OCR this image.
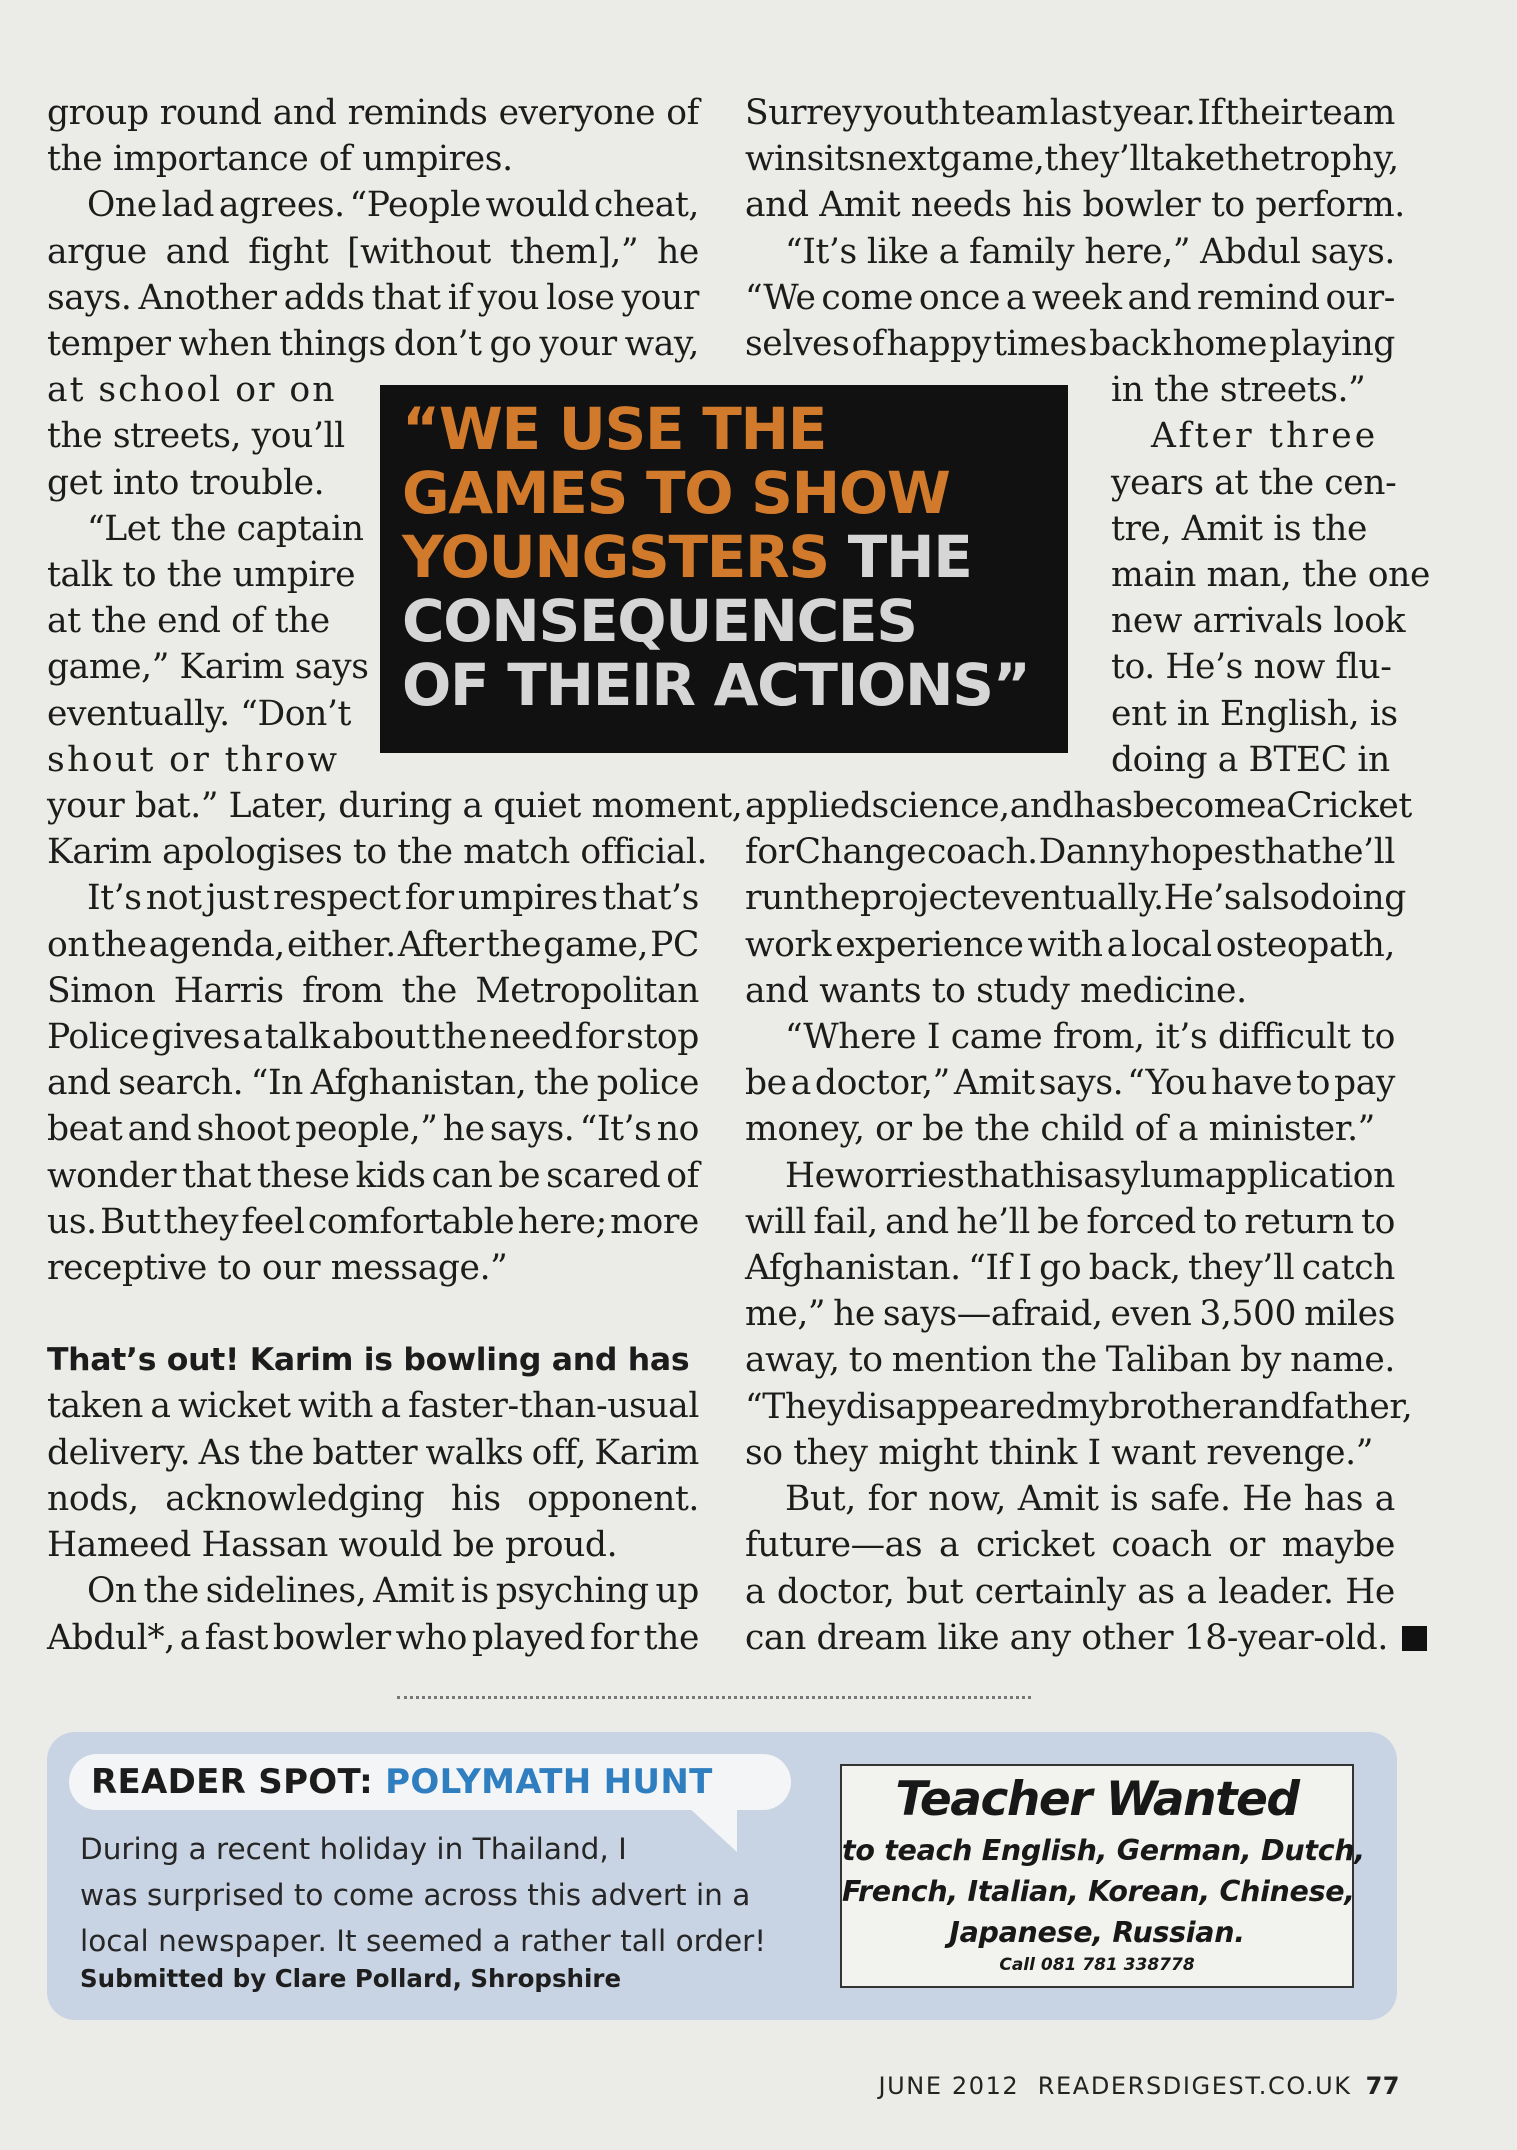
group round and reminds everyone of
the importance of umpires.
One lad agrees. “People would cheat,
argue and fight [without them],” he
says. Another adds that if you lose your
temper when things don’t go your way,
at school or on
the streets, you’ll
get into trouble.
“Let the captain
talk to the umpire
at the end of the
game,” Karim says
eventually. “Don’t
shout or throw
your bat.” Later, during a quiet moment,
Karim apologises to the match official.
It’s not just respect for umpires that’s
on the agenda, either. After the game, PC
Simon Harris from the Metropolitan
Police gives a talk about the need for stop
and search. “In Afghanistan, the police
beat and shoot people,” he says. “It’s no
wonder that these kids can be scared of
us. But they feel comfortable here; more
receptive to our message.”
That’s out! Karim is bowling and has
taken a wicket with a faster-than-usual
delivery. As the batter walks off, Karim
nods, acknowledging his opponent.
Hameed Hassan would be proud.
On the sidelines, Amit is psyching up
Abdul*, a fast bowler who played for the
Surrey youth team last year. If their team
wins its next game, they’ll take the trophy,
and Amit needs his bowler to perform.
“It’s like a family here,” Abdul says.
“We come once a week and remind our-
selves of happy times back home playing
in the streets.”
After three
years at the cen-
tre, Amit is the
main man, the one
new arrivals look
to. He’s now flu-
ent in English, is
doing a BTEC in
applied science, and has become a Cricket
for Change coach. Danny hopes that he’ll
run the project eventually. He’s also doing
work experience with a local osteopath,
and wants to study medicine.
“Where I came from, it’s difficult to
be a doctor,” Amit says. “You have to pay
money, or be the child of a minister.”
He worries that his asylum application
will fail, and he’ll be forced to return to
Afghanistan. “If I go back, they’ll catch
me,” he says—afraid, even 3,500 miles
away, to mention the Taliban by name.
“They disappeared my brother and father,
so they might think I want revenge.”
But, for now, Amit is safe. He has a
future—as a cricket coach or maybe
a doctor, but certainly as a leader. He
can dream like any other 18-year-old.
“WE USE THE
GAMES TO SHOW
YOUNGSTERS THE
CONSEQUENCES
OF THEIR ACTIONS”
READER SPOT: POLYMATH HUNT
During a recent holiday in Thailand, I
was surprised to come across this advert in a
local newspaper. It seemed a rather tall order!
Submitted by Clare Pollard, Shropshire
Teacher Wanted
to teach English, German, Dutch,
French, Italian, Korean, Chinese,
Japanese, Russian.
Call 081 781 338778
JUNE 2012  READERSDIGEST.CO.UK 77
